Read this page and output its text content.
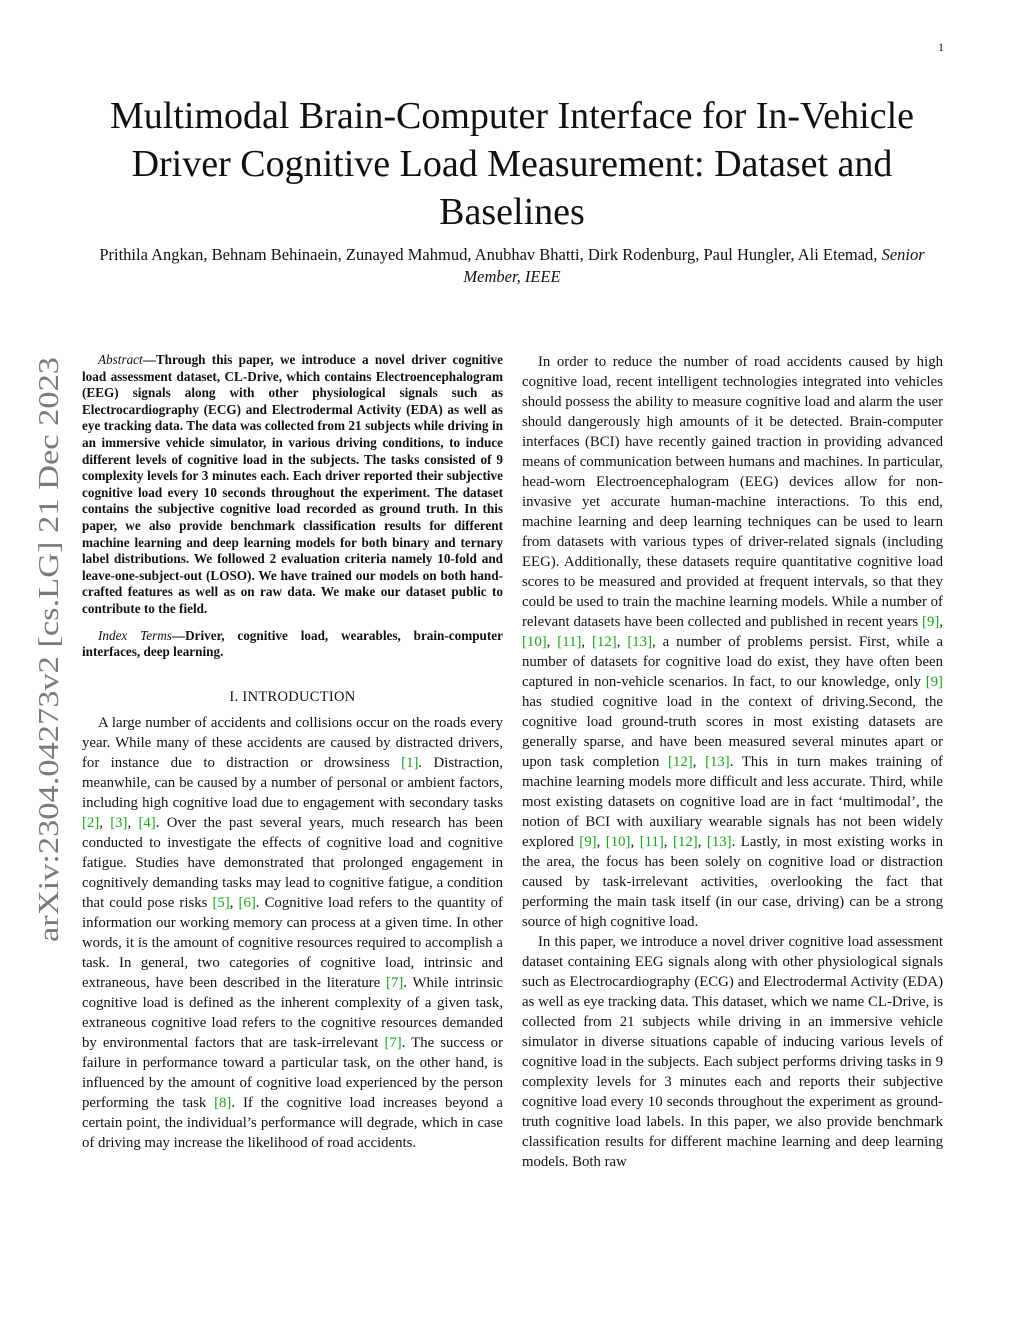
1
arXiv:2304.04273v2 [cs.LG] 21 Dec 2023
Multimodal Brain-Computer Interface for In-Vehicle Driver Cognitive Load Measurement: Dataset and Baselines
Prithila Angkan, Behnam Behinaein, Zunayed Mahmud, Anubhav Bhatti, Dirk Rodenburg, Paul Hungler, Ali Etemad, Senior Member, IEEE

Abstract—Through this paper, we introduce a novel driver cognitive load assessment dataset, CL-Drive, which contains Electroencephalogram (EEG) signals along with other physiological signals such as Electrocardiography (ECG) and Electrodermal Activity (EDA) as well as eye tracking data. The data was collected from 21 subjects while driving in an immersive vehicle simulator, in various driving conditions, to induce different levels of cognitive load in the subjects. The tasks consisted of 9 complexity levels for 3 minutes each. Each driver reported their subjective cognitive load every 10 seconds throughout the experiment. The dataset contains the subjective cognitive load recorded as ground truth. In this paper, we also provide benchmark classification results for different machine learning and deep learning models for both binary and ternary label distributions. We followed 2 evaluation criteria namely 10-fold and leave-one-subject-out (LOSO). We have trained our models on both hand-crafted features as well as on raw data. We make our dataset public to contribute to the field.

Index Terms—Driver, cognitive load, wearables, brain-computer interfaces, deep learning.

I. INTRODUCTION

A large number of accidents and collisions occur on the roads every year. While many of these accidents are caused by distracted drivers, for instance due to distraction or drowsiness [1]. Distraction, meanwhile, can be caused by a number of personal or ambient factors, including high cognitive load due to engagement with secondary tasks [2], [3], [4]. Over the past several years, much research has been conducted to investigate the effects of cognitive load and cognitive fatigue. Studies have demonstrated that prolonged engagement in cognitively demanding tasks may lead to cognitive fatigue, a condition that could pose risks [5], [6]. Cognitive load refers to the quantity of information our working memory can process at a given time. In other words, it is the amount of cognitive resources required to accomplish a task. In general, two categories of cognitive load, intrinsic and extraneous, have been described in the literature [7]. While intrinsic cognitive load is defined as the inherent complexity of a given task, extraneous cognitive load refers to the cognitive resources demanded by environmental factors that are task-irrelevant [7]. The success or failure in performance toward a particular task, on the other hand, is influenced by the amount of cognitive load experienced by the person performing the task [8]. If the cognitive load increases beyond a certain point, the individual’s performance will degrade, which in case of driving may increase the likelihood of road accidents.

In order to reduce the number of road accidents caused by high cognitive load, recent intelligent technologies integrated into vehicles should possess the ability to measure cognitive load and alarm the user should dangerously high amounts of it be detected. Brain-computer interfaces (BCI) have recently gained traction in providing advanced means of communication between humans and machines. In particular, head-worn Electroencephalogram (EEG) devices allow for non-invasive yet accurate human-machine interactions. To this end, machine learning and deep learning techniques can be used to learn from datasets with various types of driver-related signals (including EEG). Additionally, these datasets require quantitative cognitive load scores to be measured and provided at frequent intervals, so that they could be used to train the machine learning models. While a number of relevant datasets have been collected and published in recent years [9], [10], [11], [12], [13], a number of problems persist. First, while a number of datasets for cognitive load do exist, they have often been captured in non-vehicle scenarios. In fact, to our knowledge, only [9] has studied cognitive load in the context of driving.Second, the cognitive load ground-truth scores in most existing datasets are generally sparse, and have been measured several minutes apart or upon task completion [12], [13]. This in turn makes training of machine learning models more difficult and less accurate. Third, while most existing datasets on cognitive load are in fact ‘multimodal’, the notion of BCI with auxiliary wearable signals has not been widely explored [9], [10], [11], [12], [13]. Lastly, in most existing works in the area, the focus has been solely on cognitive load or distraction caused by task-irrelevant activities, overlooking the fact that performing the main task itself (in our case, driving) can be a strong source of high cognitive load.

In this paper, we introduce a novel driver cognitive load assessment dataset containing EEG signals along with other physiological signals such as Electrocardiography (ECG) and Electrodermal Activity (EDA) as well as eye tracking data. This dataset, which we name CL-Drive, is collected from 21 subjects while driving in an immersive vehicle simulator in diverse situations capable of inducing various levels of cognitive load in the subjects. Each subject performs driving tasks in 9 complexity levels for 3 minutes each and reports their subjective cognitive load every 10 seconds throughout the experiment as ground-truth cognitive load labels. In this paper, we also provide benchmark classification results for different machine learning and deep learning models. Both raw
